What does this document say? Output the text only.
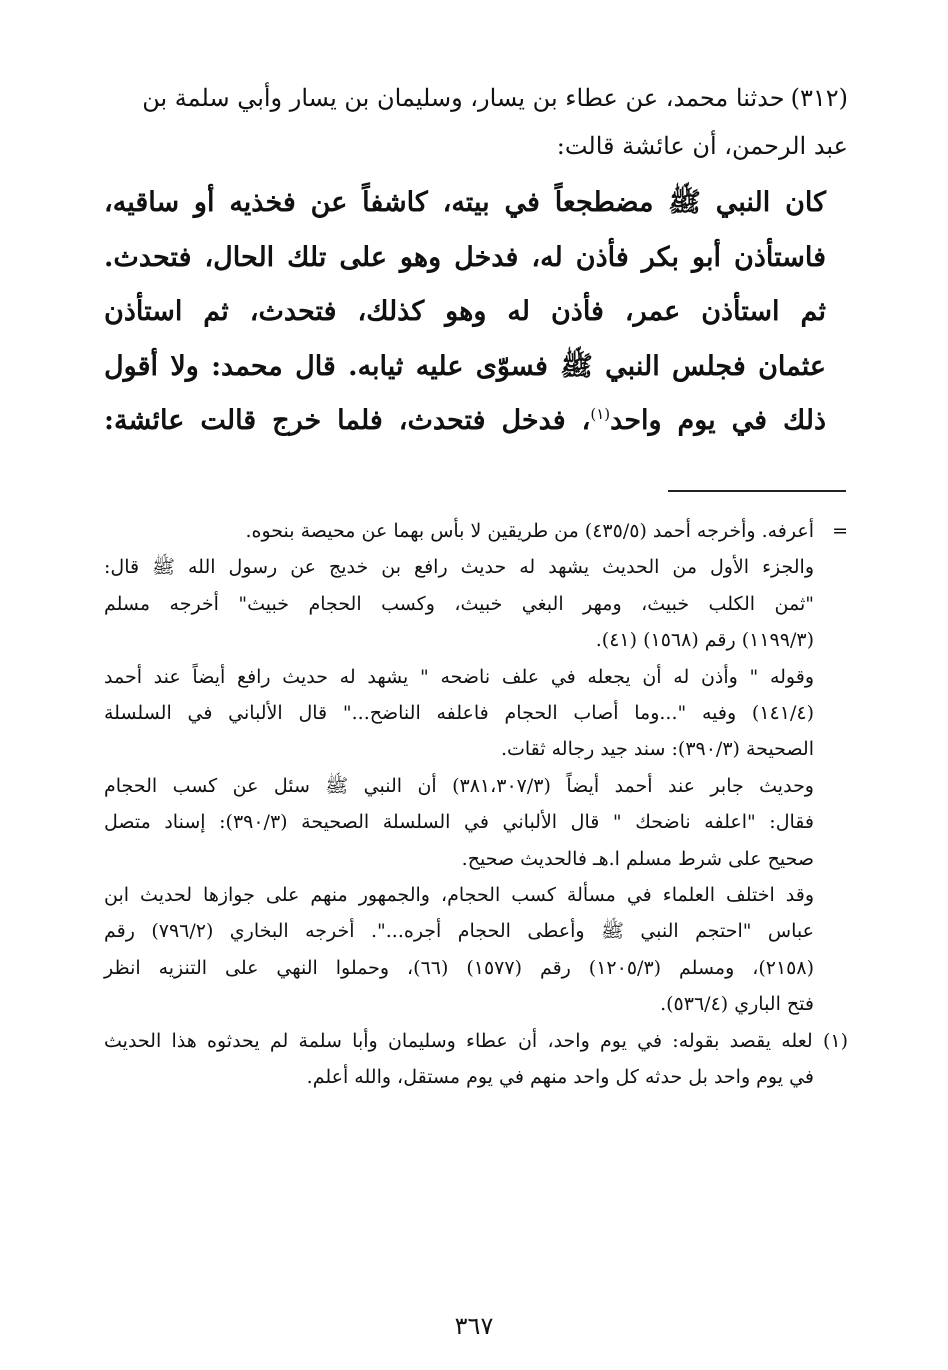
(٣١٢)حدثنا محمد، عن عطاء بن يسار، وسليمان بن يسار وأبي سلمة بن
عبد الرحمن، أن عائشة قالت:
كان النبي ﷺ مضطجعاً في بيته، كاشفاً عن فخذيه أو ساقيه،
فاستأذن أبو بكر فأذن له، فدخل وهو على تلك الحال، فتحدث.
ثم استأذن عمر، فأذن له وهو كذلك، فتحدث، ثم استأذن
عثمان فجلس النبي ﷺ فسوّى عليه ثيابه. قال محمد: ولا أقول
ذلك في يوم واحد$^{(١)}$، فدخل فتحدث، فلما خرج قالت عائشة:
=
أعرفه. وأخرجه أحمد (٤٣٥/٥) من طريقين لا بأس بهما عن محيصة بنحوه.
والجزء الأول من الحديث يشهد له حديث رافع بن خديج عن رسول الله ﷺ قال:
"ثمن الكلب خبيث، ومهر البغي خبيث، وكسب الحجام خبيث" أخرجه مسلم
(١١٩٩/٣) رقم (١٥٦٨) (٤١).
وقوله " وأذن له أن يجعله في علف ناضحه " يشهد له حديث رافع أيضاً عند أحمد
(١٤١/٤) وفيه "...وما أصاب الحجام فاعلفه الناضح..." قال الألباني في السلسلة
الصحيحة (٣٩٠/٣): سند جيد رجاله ثقات.
وحديث جابر عند أحمد أيضاً (٣٨١،٣٠٧/٣) أن النبي ﷺ سئل عن كسب الحجام
فقال: "اعلفه ناضحك " قال الألباني في السلسلة الصحيحة (٣٩٠/٣): إسناد متصل
صحيح على شرط مسلم ا.هـ فالحديث صحيح.
وقد اختلف العلماء في مسألة كسب الحجام، والجمهور منهم على جوازها لحديث ابن
عباس "احتجم النبي ﷺ وأعطى الحجام أجره...". أخرجه البخاري (٧٩٦/٢) رقم
(٢١٥٨)، ومسلم (١٢٠٥/٣) رقم (١٥٧٧) (٦٦)، وحملوا النهي على التنزيه انظر
فتح الباري (٥٣٦/٤).
(١) لعله يقصد بقوله: في يوم واحد، أن عطاء وسليمان وأبا سلمة لم يحدثوه هذا الحديث
في يوم واحد بل حدثه كل واحد منهم في يوم مستقل، والله أعلم.
٣٦٧
